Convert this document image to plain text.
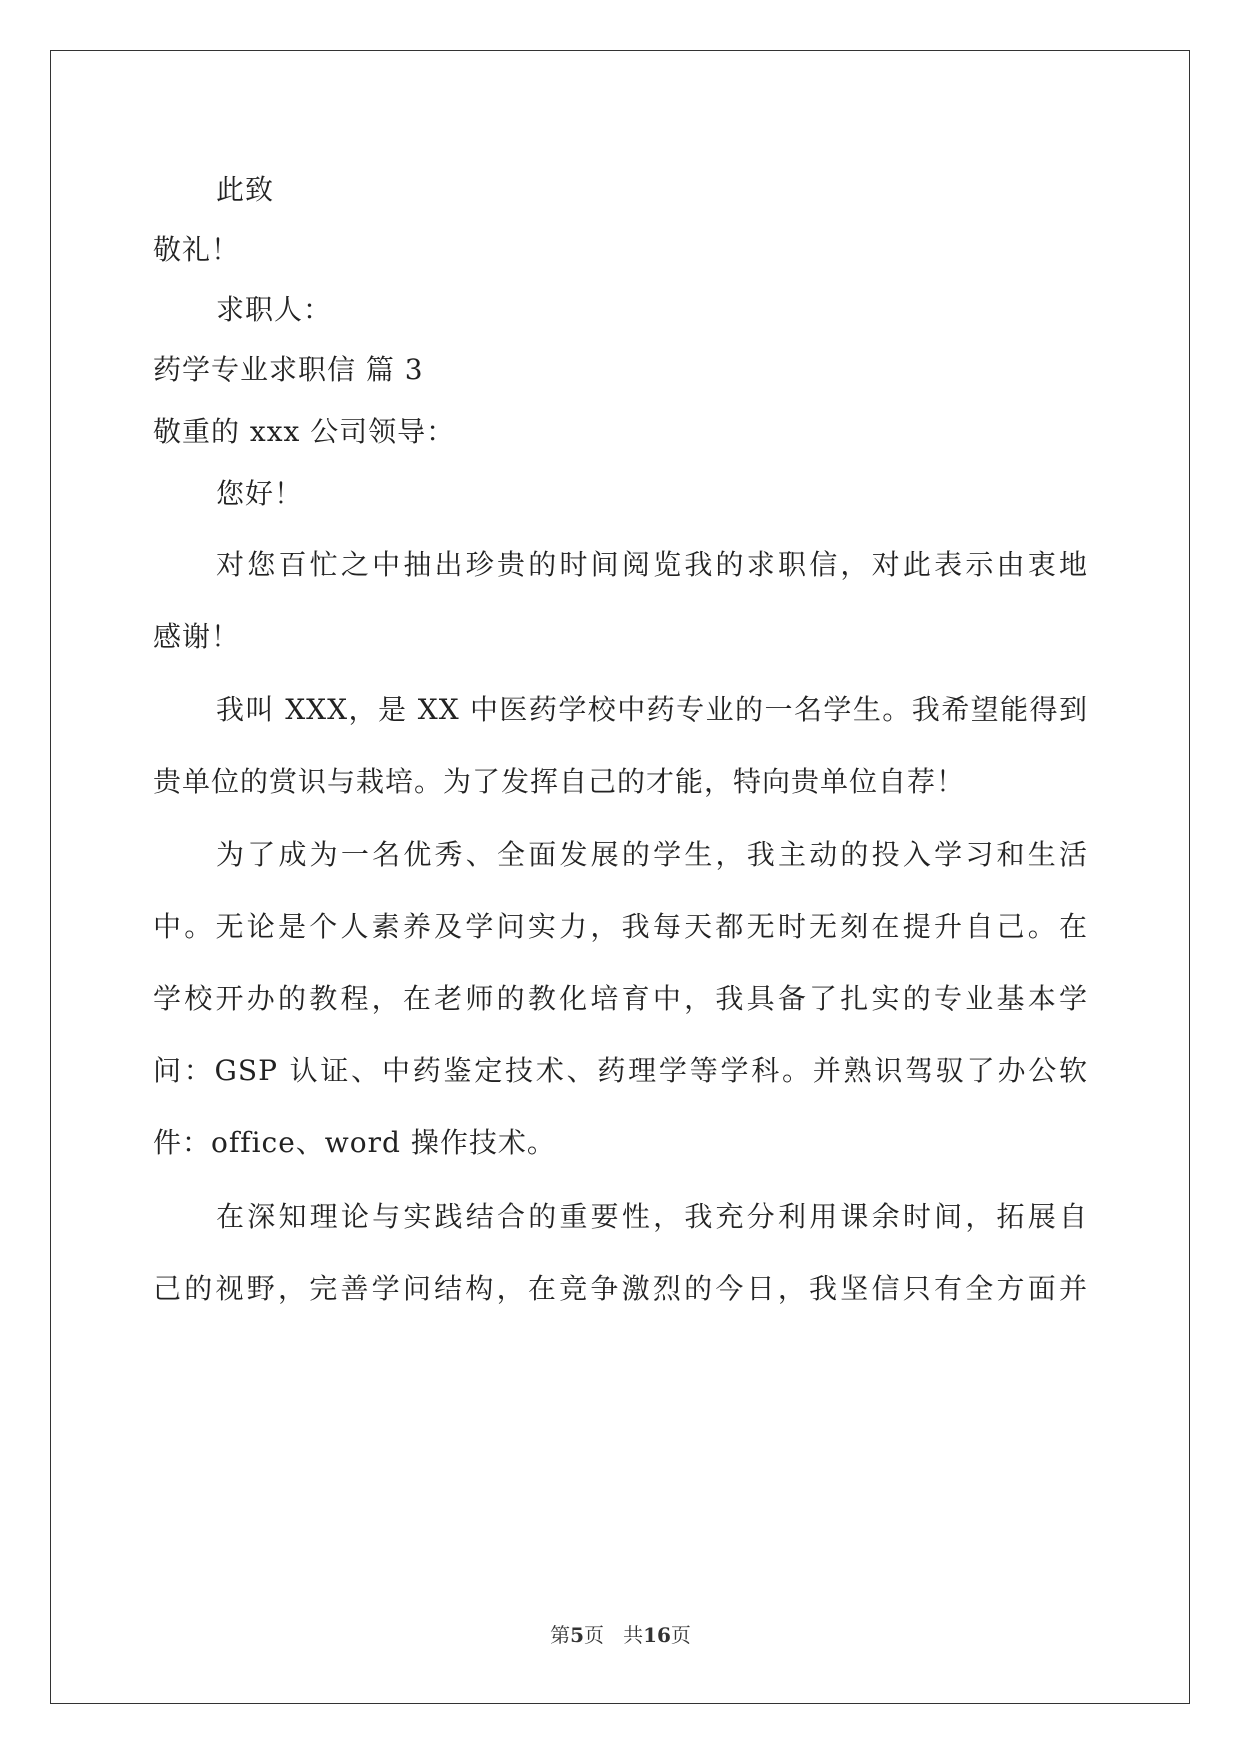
此致
敬礼！
求职人：
药学专业求职信 篇 3
敬重的 xxx 公司领导：
您好！
对您百忙之中抽出珍贵的时间阅览我的求职信，对此表示由衷地
感谢！
我叫 XXX，是 XX 中医药学校中药专业的一名学生。我希望能得到
贵单位的赏识与栽培。为了发挥自己的才能，特向贵单位自荐！
为了成为一名优秀、全面发展的学生，我主动的投入学习和生活
中。无论是个人素养及学问实力，我每天都无时无刻在提升自己。在
学校开办的教程，在老师的教化培育中，我具备了扎实的专业基本学
问：GSP 认证、中药鉴定技术、药理学等学科。并熟识驾驭了办公软
件：office、word 操作技术。
在深知理论与实践结合的重要性，我充分利用课余时间，拓展自
己的视野，完善学问结构，在竞争激烈的今日，我坚信只有全方面并
第5页 共16页
